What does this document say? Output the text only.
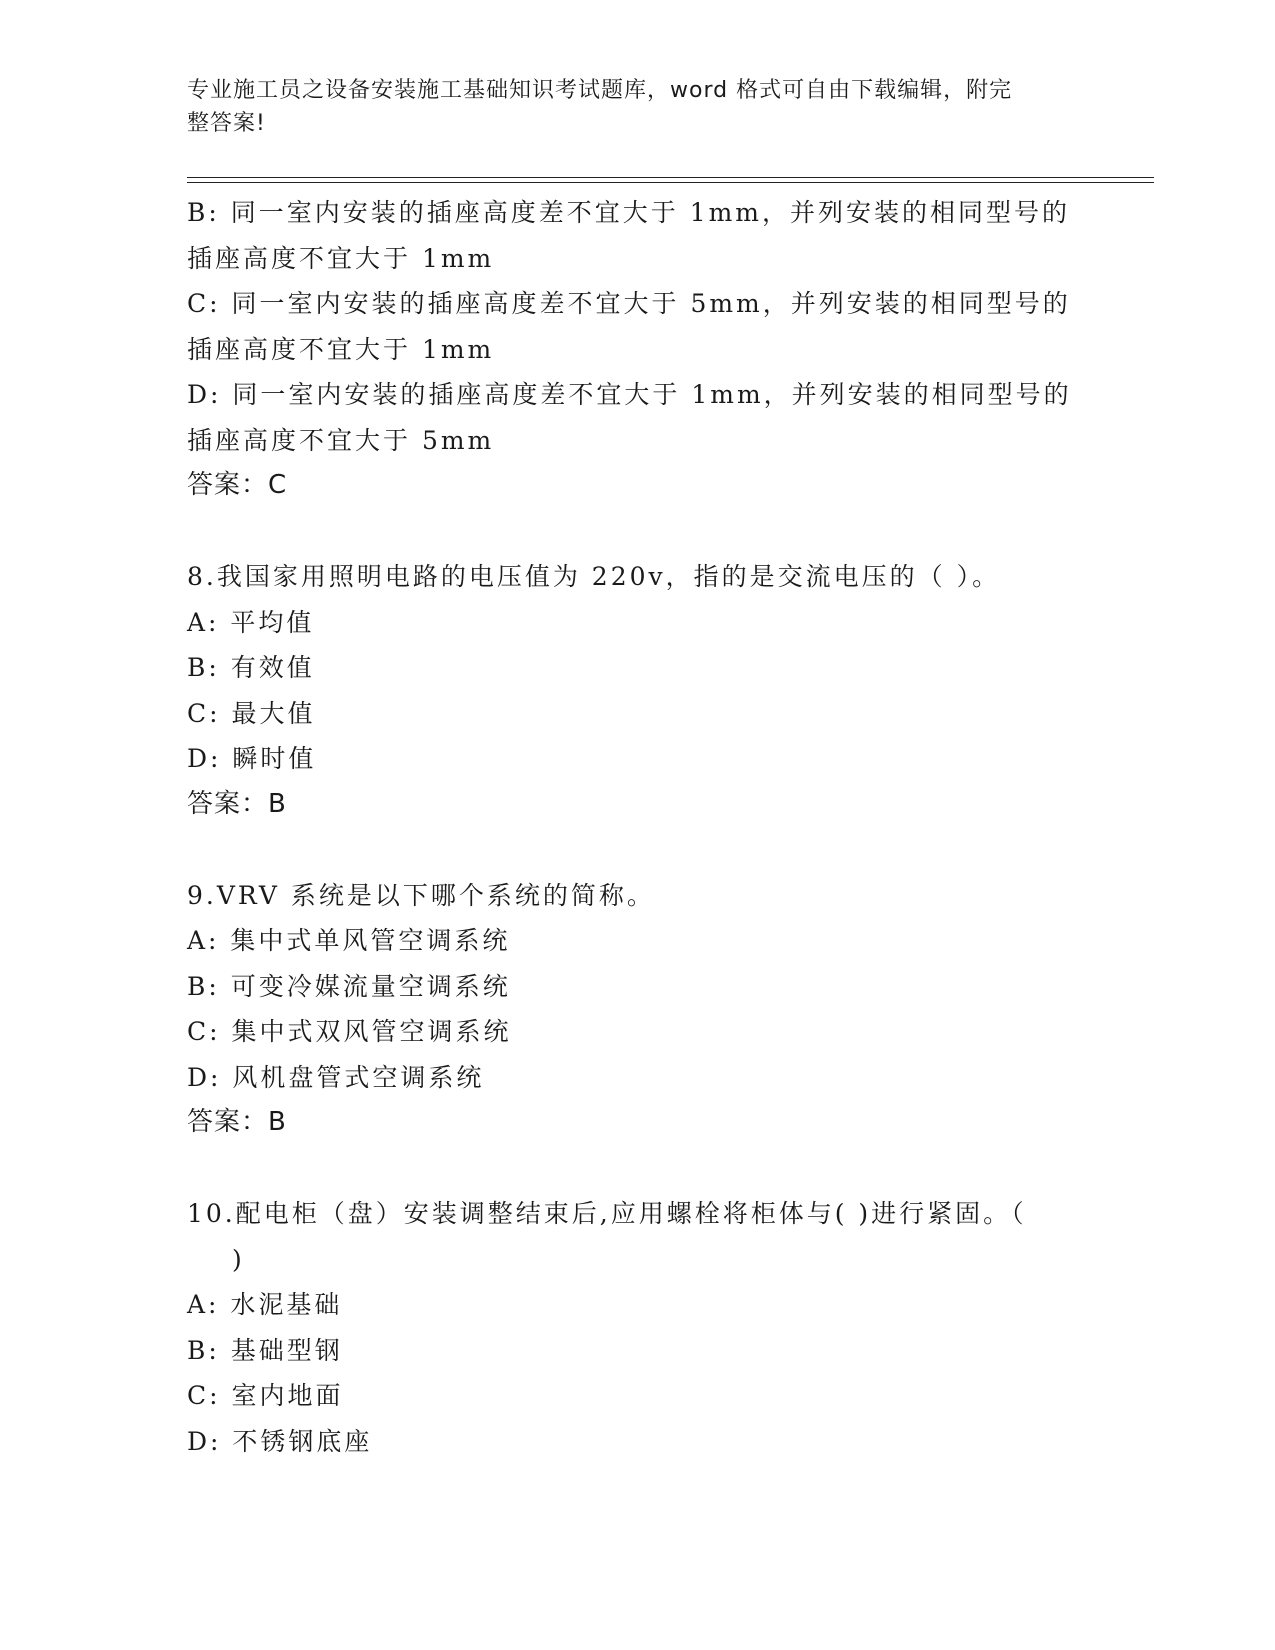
专业施工员之设备安装施工基础知识考试题库，word 格式可自由下载编辑，附完
整答案!
B: 同一室内安装的插座高度差不宜大于 1mm，并列安装的相同型号的
插座高度不宜大于 1mm
C: 同一室内安装的插座高度差不宜大于 5mm，并列安装的相同型号的
插座高度不宜大于 1mm
D: 同一室内安装的插座高度差不宜大于 1mm，并列安装的相同型号的
插座高度不宜大于 5mm
答案：C
8.我国家用照明电路的电压值为 220v，指的是交流电压的（ ）。
A: 平均值
B: 有效值
C: 最大值
D: 瞬时值
答案：B
9.VRV 系统是以下哪个系统的简称。
A: 集中式单风管空调系统
B: 可变冷媒流量空调系统
C: 集中式双风管空调系统
D: 风机盘管式空调系统
答案：B
10.配电柜（盘）安装调整结束后,应用螺栓将柜体与( )进行紧固。（
)
A: 水泥基础
B: 基础型钢
C: 室内地面
D: 不锈钢底座
